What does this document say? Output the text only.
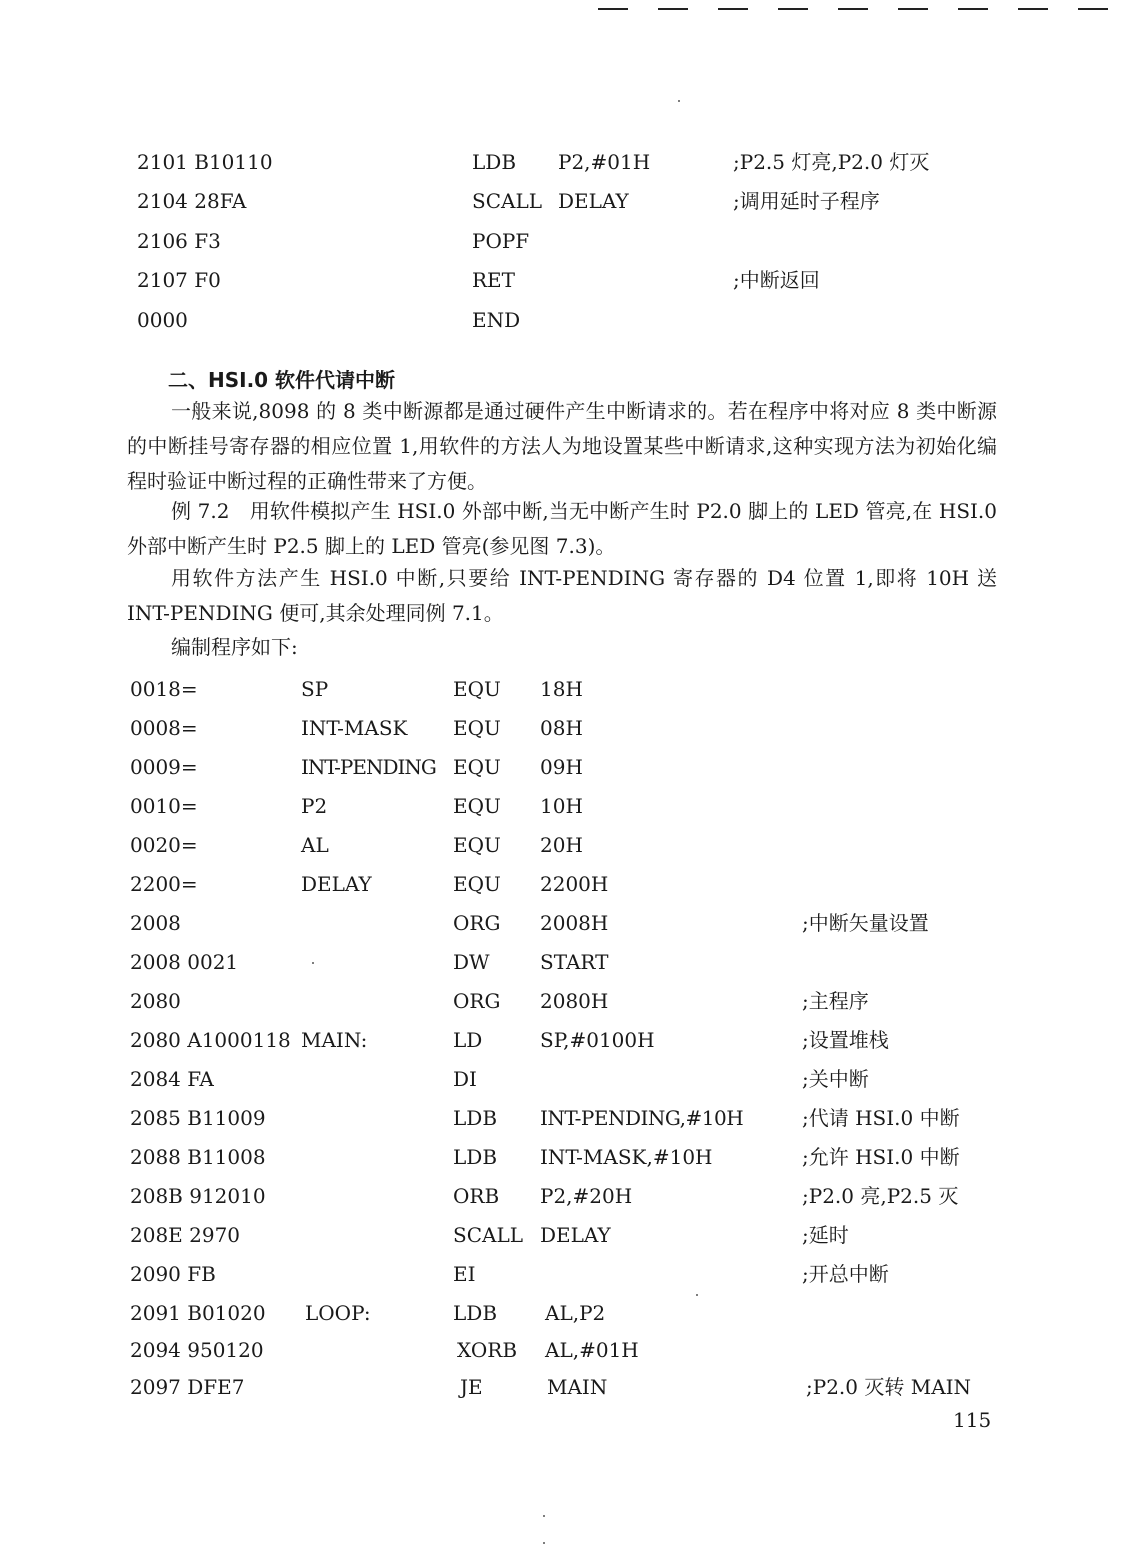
2101 B10110	LDB P2,#01H	;P2.5 灯亮,P2.0 灯灭
2104 28FA	SCALL DELAY	;调用延时子程序
2106 F3	POPF
2107 F0	RET	;中断返回
0000	END
二、HSI.0 软件代请中断

一般来说,8098 的 8 类中断源都是通过硬件产生中断请求的。若在程序中将对应 8 类中断源的中断挂号寄存器的相应位置 1,用软件的方法人为地设置某些中断请求,这种实现方法为初始化编程时验证中断过程的正确性带来了方便。

例 7.2　用软件模拟产生 HSI.0 外部中断,当无中断产生时 P2.0 脚上的 LED 管亮,在 HSI.0 外部中断产生时 P2.5 脚上的 LED 管亮(参见图 7.3)。

用软件方法产生 HSI.0 中断,只要给 INT-PENDING 寄存器的 D4 位置 1,即将 10H 送 INT-PENDING 便可,其余处理同例 7.1。

编制程序如下:

0018=	SP	EQU 18H
0008=	INT-MASK EQU 08H
0009=	INT-PENDING EQU 09H
0010=	P2	EQU 10H
0020=	AL	EQU 20H
2200=	DELAY	EQU 2200H
2008	ORG 2008H	;中断矢量设置
2008 0021	DW	START
2080	ORG 2080H	;主程序
2080 A1000118 MAIN:	LD	SP,#0100H	;设置堆栈
2084 FA	DI	;关中断
2085 B11009	LDB INT-PENDING,#10H	;代请 HSI.0 中断
2088 B11008	LDB INT-MASK,#10H	;允许 HSI.0 中断
208B 912010	ORB P2,#20H	;P2.0 亮,P2.5 灭
208E 2970	SCALL DELAY	;延时
2090 FB	EI	;开总中断
2091 B01020 LOOP:	LDB AL,P2
2094 950120	XORB AL,#01H
2097 DFE7	JE	MAIN	;P2.0 灭转 MAIN
115
